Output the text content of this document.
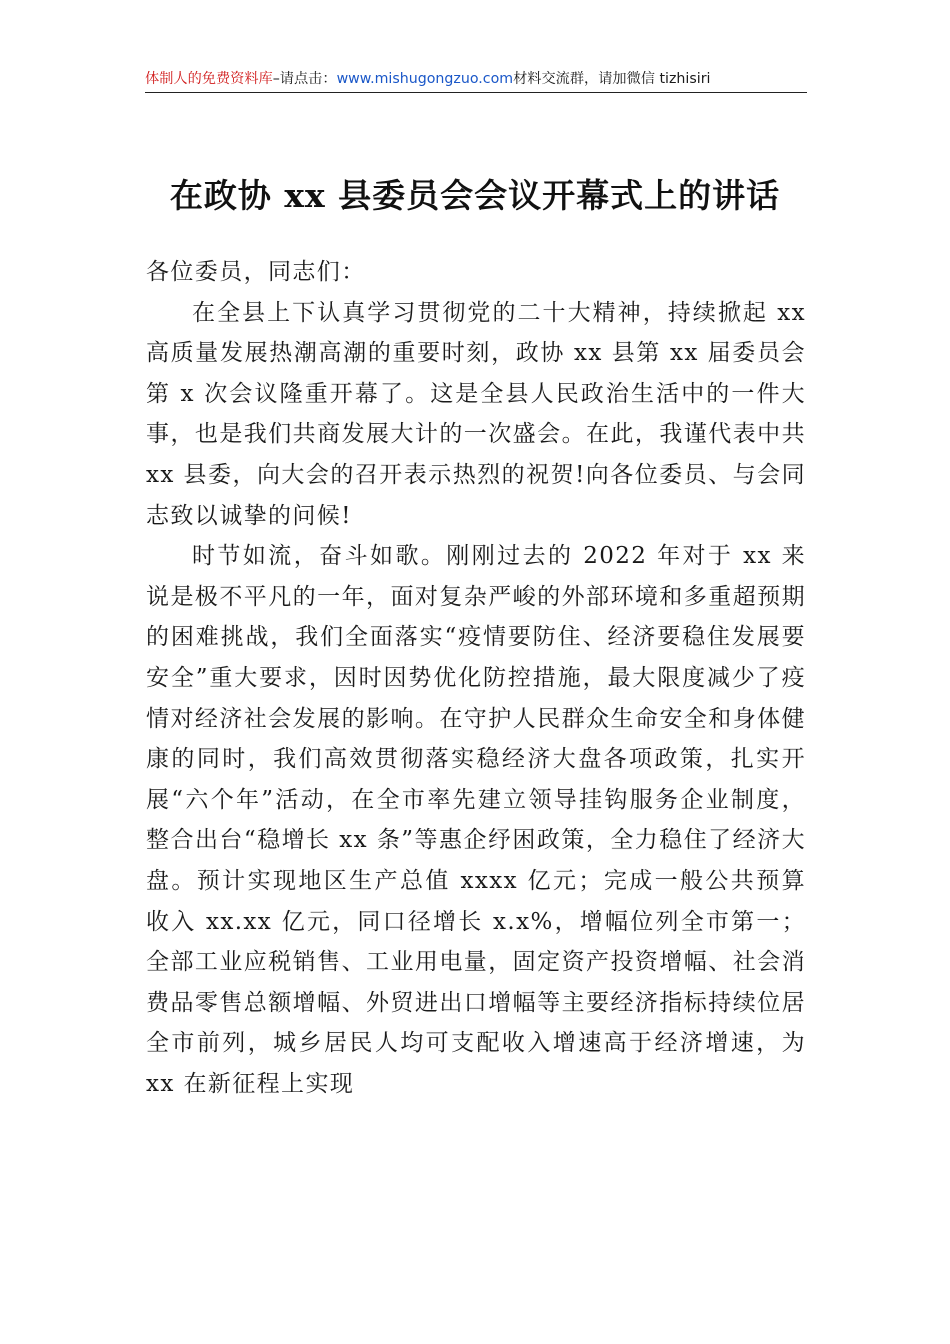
体制人的免费资料库–请点击：www.mishugongzuo.com材料交流群，请加微信 tizhisiri
在政协 xx 县委员会会议开幕式上的讲话

各位委员，同志们：

在全县上下认真学习贯彻党的二十大精神，持续掀起 xx 高质量发展热潮高潮的重要时刻，政协 xx 县第 xx 届委员会第 x 次会议隆重开幕了。这是全县人民政治生活中的一件大事，也是我们共商发展大计的一次盛会。在此，我谨代表中共 xx 县委，向大会的召开表示热烈的祝贺!向各位委员、与会同志致以诚挚的问候!

时节如流，奋斗如歌。刚刚过去的 2022 年对于 xx 来说是极不平凡的一年，面对复杂严峻的外部环境和多重超预期的困难挑战，我们全面落实“疫情要防住、经济要稳住发展要安全”重大要求，因时因势优化防控措施，最大限度减少了疫情对经济社会发展的影响。在守护人民群众生命安全和身体健康的同时，我们高效贯彻落实稳经济大盘各项政策，扎实开展“六个年”活动，在全市率先建立领导挂钩服务企业制度，整合出台“稳增长 xx 条”等惠企纾困政策，全力稳住了经济大盘。预计实现地区生产总值 xxxx 亿元；完成一般公共预算收入 xx.xx 亿元，同口径增长 x.x%，增幅位列全市第一；全部工业应税销售、工业用电量，固定资产投资增幅、社会消费品零售总额增幅、外贸进出口增幅等主要经济指标持续位居全市前列，城乡居民人均可支配收入增速高于经济增速，为 xx 在新征程上实现
